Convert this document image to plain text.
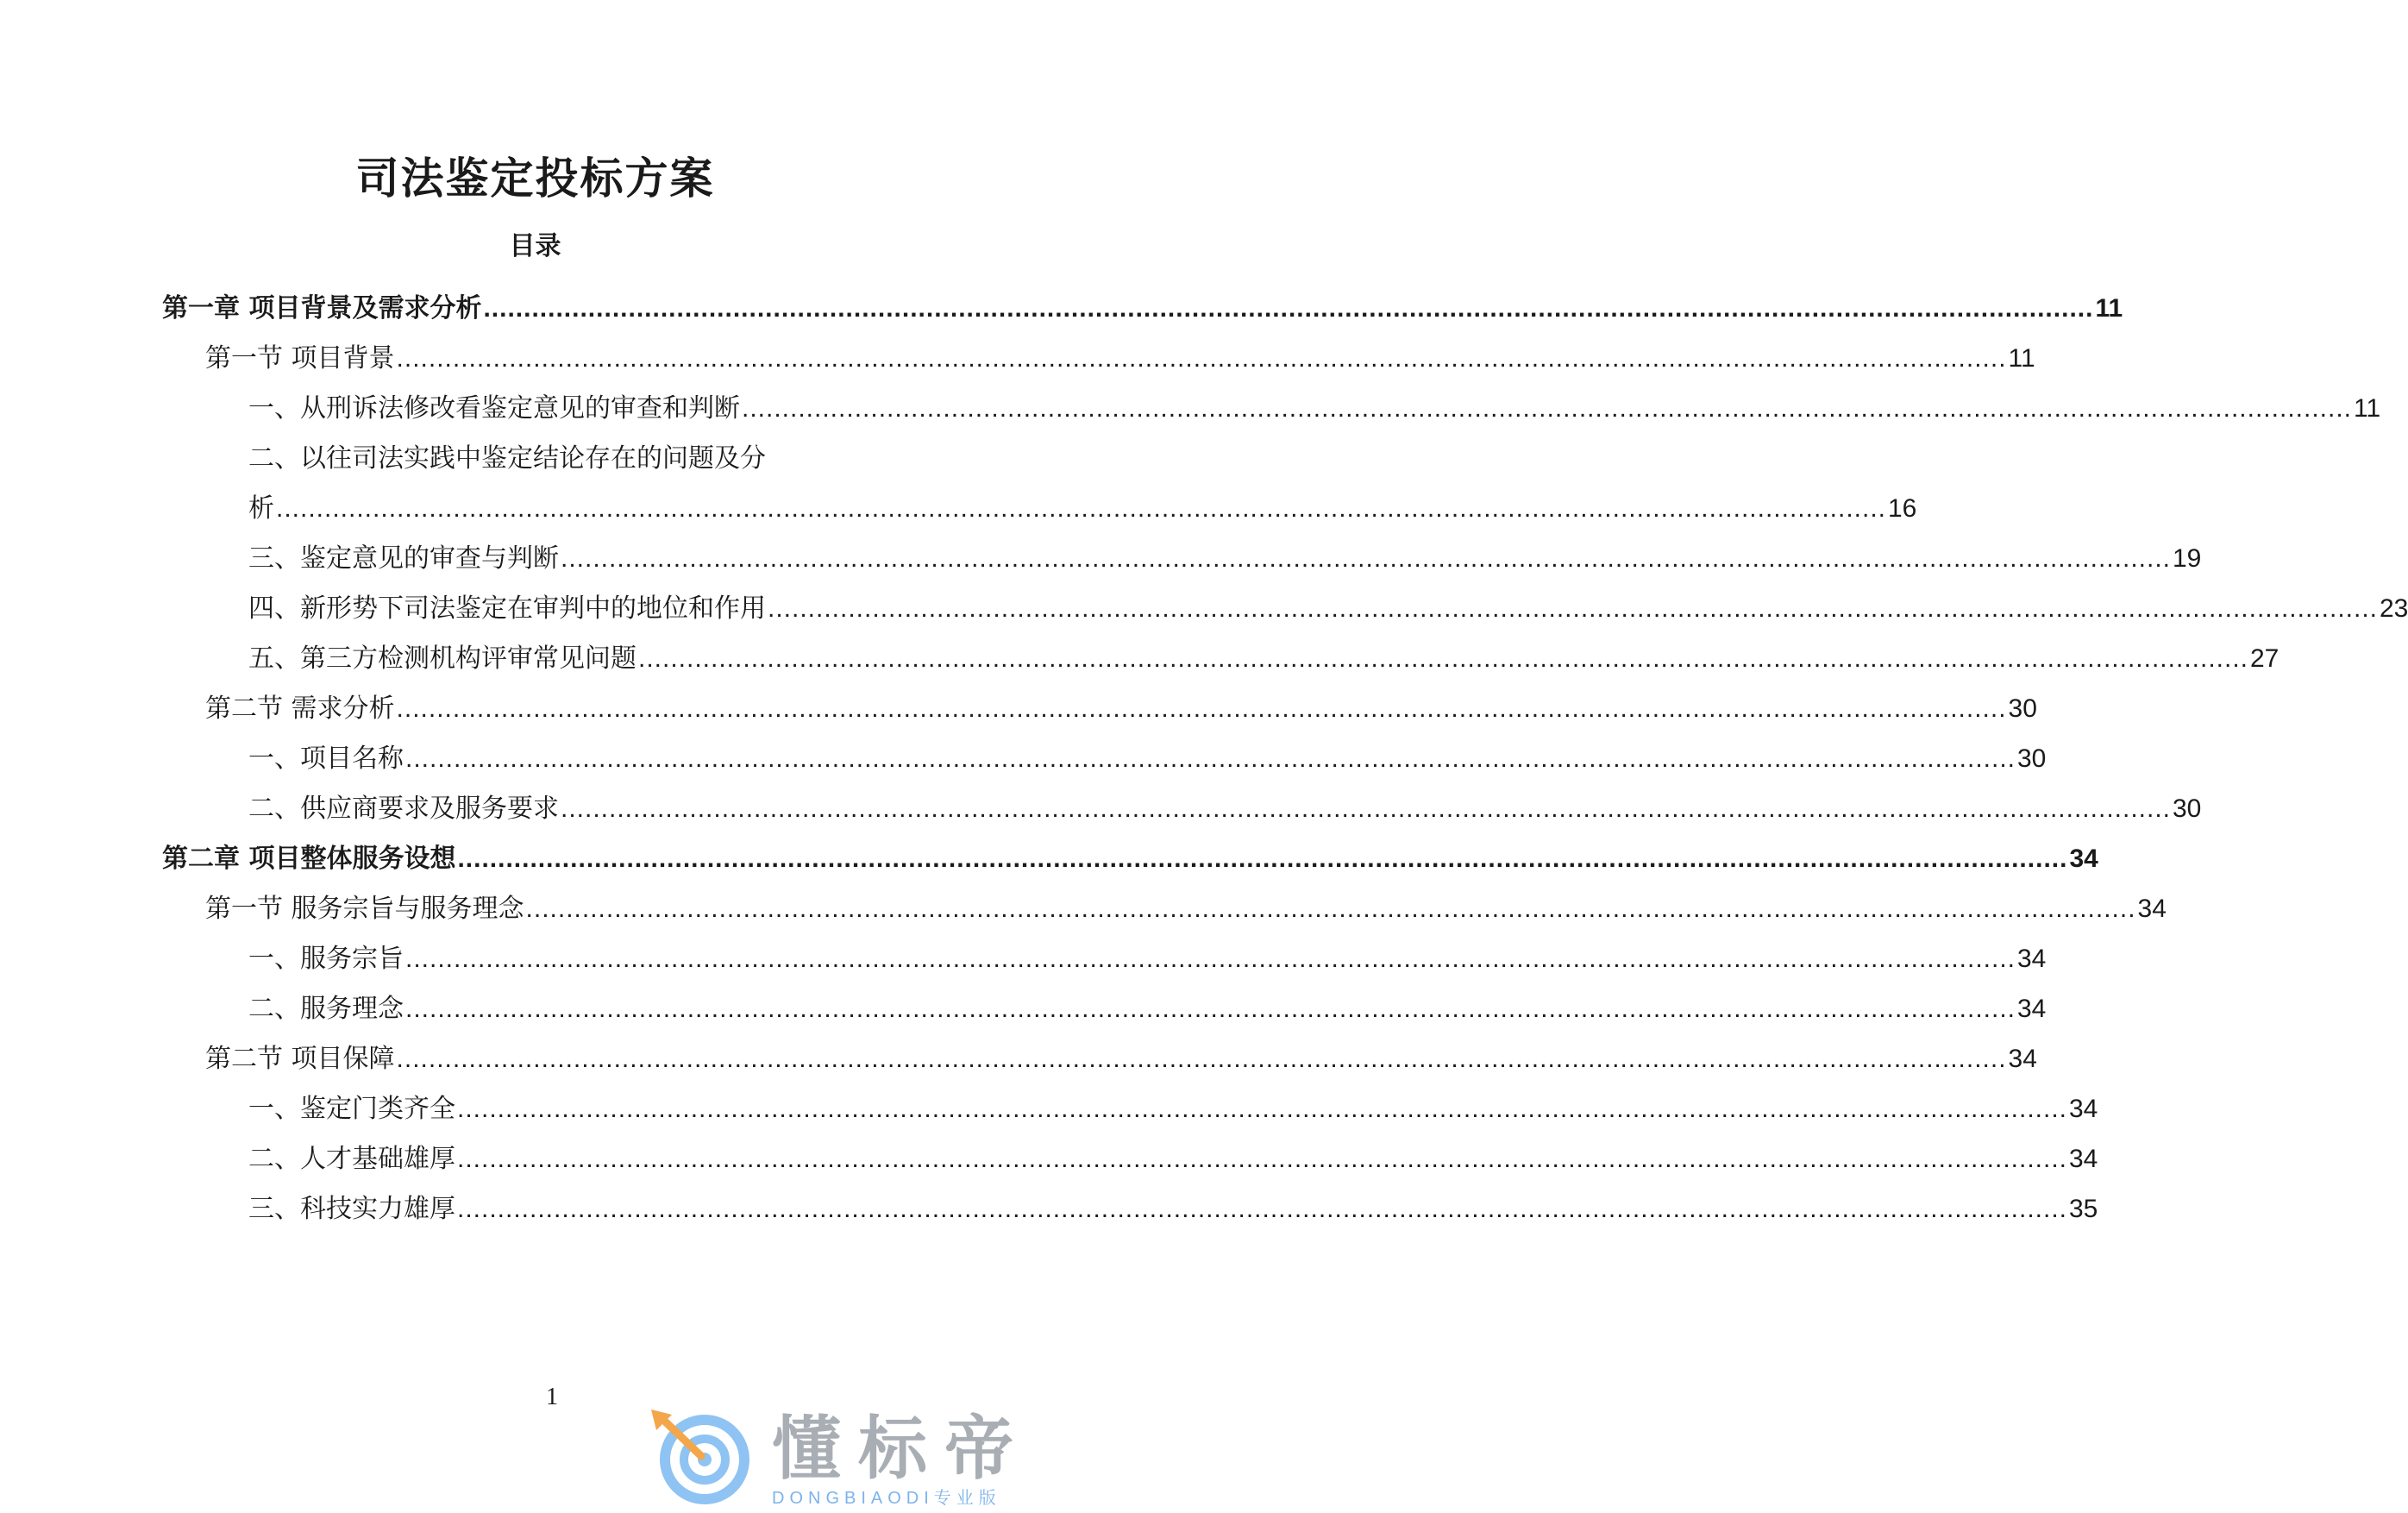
司法鉴定投标方案
目录
第一章 项目背景及需求分析 ........................................................................................................................................................................................................ 11
第一节 项目背景 ........................................................................................................................................................................................................ 11
一、从刑诉法修改看鉴定意见的审查和判断 ........................................................................................................................................................................................................ 11
二、以往司法实践中鉴定结论存在的问题及分
析 ........................................................................................................................................................................................................ 16
三、鉴定意见的审查与判断 ........................................................................................................................................................................................................ 19
四、新形势下司法鉴定在审判中的地位和作用 ........................................................................................................................................................................................................ 23
五、第三方检测机构评审常见问题 ........................................................................................................................................................................................................ 27
第二节 需求分析 ........................................................................................................................................................................................................ 30
一、项目名称 ........................................................................................................................................................................................................ 30
二、供应商要求及服务要求 ........................................................................................................................................................................................................ 30
第二章 项目整体服务设想 ........................................................................................................................................................................................................ 34
第一节 服务宗旨与服务理念 ........................................................................................................................................................................................................ 34
一、服务宗旨 ........................................................................................................................................................................................................ 34
二、服务理念 ........................................................................................................................................................................................................ 34
第二节 项目保障 ........................................................................................................................................................................................................ 34
一、鉴定门类齐全 ........................................................................................................................................................................................................ 34
二、人才基础雄厚 ........................................................................................................................................................................................................ 34
三、科技实力雄厚 ........................................................................................................................................................................................................ 35
1
懂标帝
DONGBIAODI专业版
